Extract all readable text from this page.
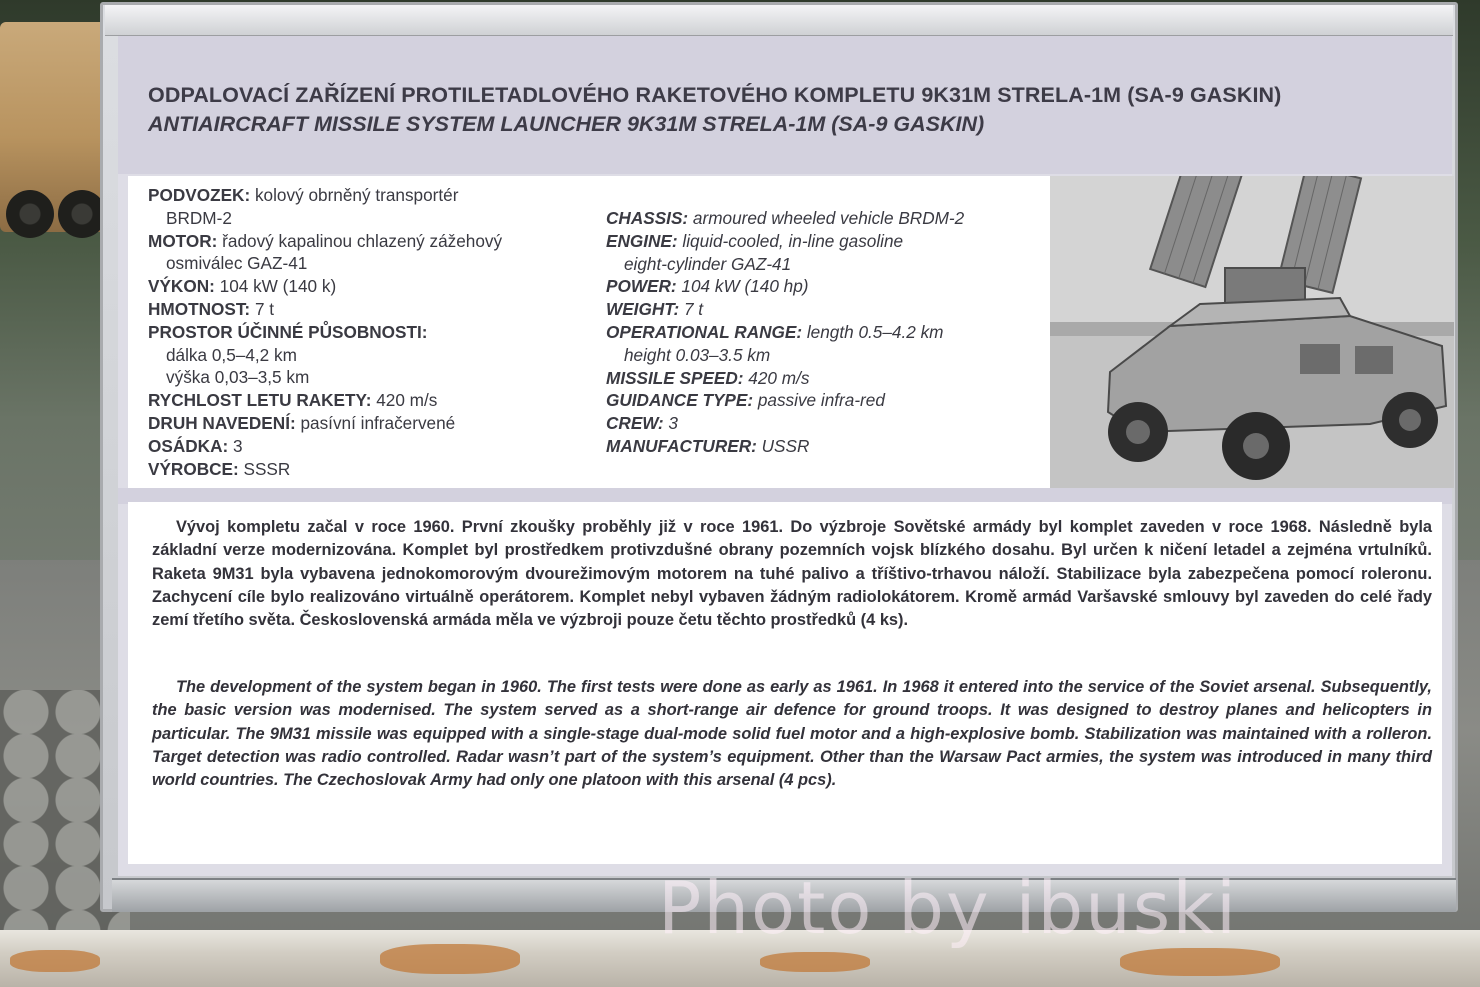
ODPALOVACÍ ZAŘÍZENÍ PROTILETADLOVÉHO RAKETOVÉHO KOMPLETU 9K31M STRELA-1M (SA-9 GASKIN)
ANTIAIRCRAFT MISSILE SYSTEM LAUNCHER 9K31M STRELA-1M (SA-9 GASKIN)
PODVOZEK: kolový obrněný transportér
BRDM-2
MOTOR: řadový kapalinou chlazený zážehový
osmiválec GAZ-41
VÝKON: 104 kW (140 k)
HMOTNOST: 7 t
PROSTOR ÚČINNÉ PŮSOBNOSTI:
dálka 0,5–4,2 km
výška 0,03–3,5 km
RYCHLOST LETU RAKETY: 420 m/s
DRUH NAVEDENÍ: pasívní infračervené
OSÁDKA: 3
VÝROBCE: SSSR
CHASSIS: armoured wheeled vehicle BRDM-2
ENGINE: liquid-cooled, in-line gasoline
eight-cylinder GAZ-41
POWER: 104 kW (140 hp)
WEIGHT: 7 t
OPERATIONAL RANGE: length 0.5–4.2 km
height 0.03–3.5 km
MISSILE SPEED: 420 m/s
GUIDANCE TYPE: passive infra-red
CREW: 3
MANUFACTURER: USSR
Vývoj kompletu začal v roce 1960. První zkoušky proběhly již v roce 1961. Do výzbroje Sovětské armády byl komplet zaveden v roce 1968. Následně byla základní verze modernizována. Komplet byl prostředkem protivzdušné obrany pozemních vojsk blízkého dosahu. Byl určen k ničení letadel a zejména vrtulníků. Raketa 9M31 byla vybavena jednokomorovým dvourežimovým motorem na tuhé palivo a tříštivo-trhavou náloží. Stabilizace byla zabezpečena pomocí roleronu. Zachycení cíle bylo realizováno virtuálně operátorem. Komplet nebyl vybaven žádným radiolokátorem. Kromě armád Varšavské smlouvy byl zaveden do celé řady zemí třetího světa. Československá armáda měla ve výzbroji pouze četu těchto prostředků (4 ks).
The development of the system began in 1960. The first tests were done as early as 1961. In 1968 it entered into the service of the Soviet arsenal. Subsequently, the basic version was modernised. The system served as a short-range air defence for ground troops. It was designed to destroy planes and helicopters in particular. The 9M31 missile was equipped with a single-stage dual-mode solid fuel motor and a high-explosive bomb. Stabilization was maintained with a rolleron. Target detection was radio controlled. Radar wasn’t part of the system’s equipment. Other than the Warsaw Pact armies, the system was introduced in many third world countries. The Czechoslovak Army had only one platoon with this arsenal (4 pcs).
Photo by ibuski
